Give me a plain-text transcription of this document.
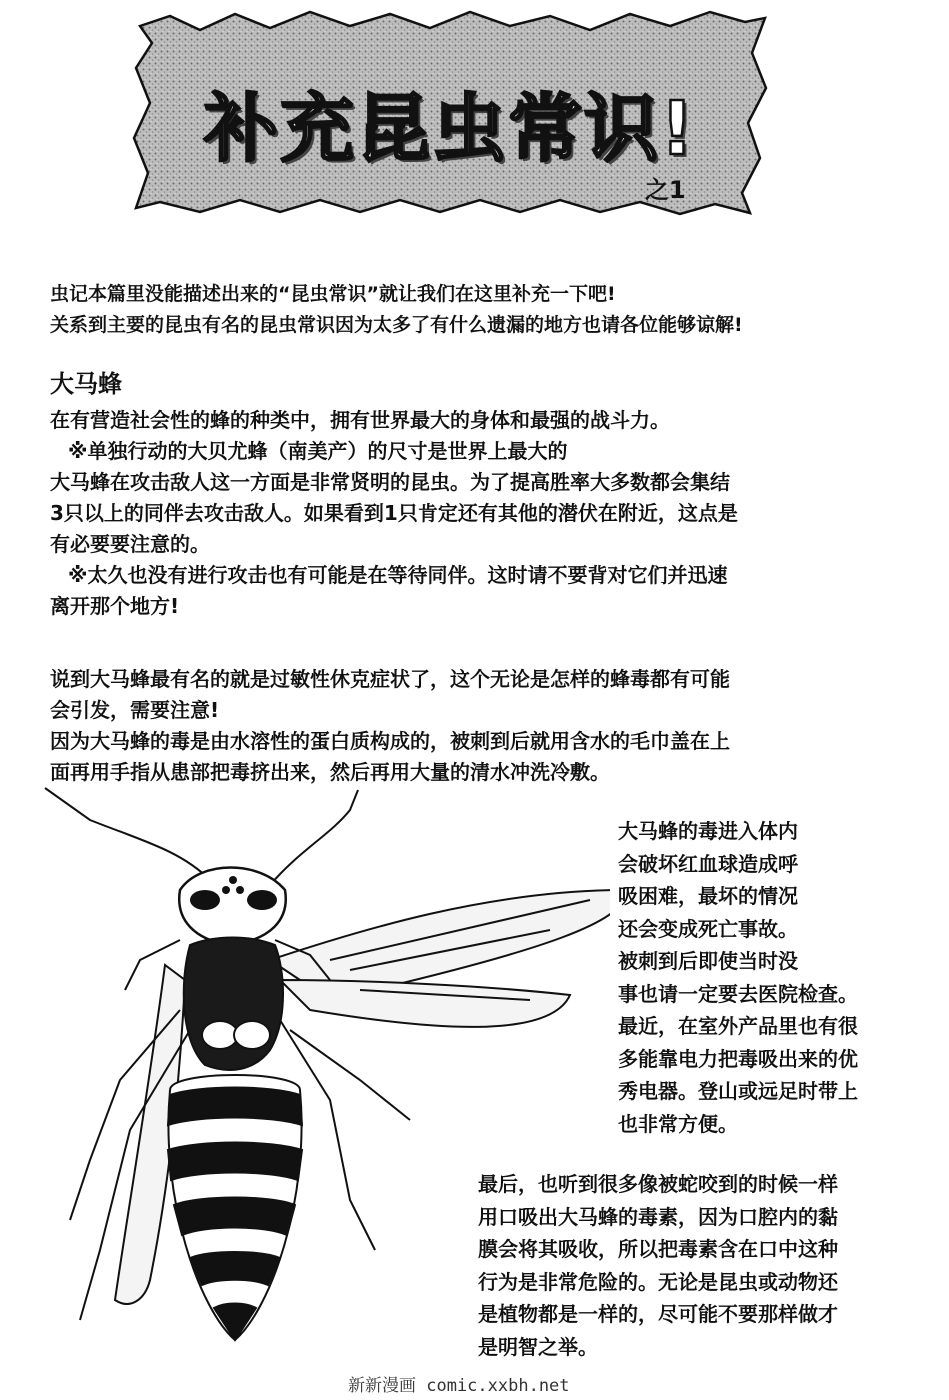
补充昆虫常识!
之1
虫记本篇里没能描述出来的“昆虫常识”就让我们在这里补充一下吧!
关系到主要的昆虫有名的昆虫常识因为太多了有什么遗漏的地方也请各位能够谅解!
大马蜂
在有营造社会性的蜂的种类中，拥有世界最大的身体和最强的战斗力。
※单独行动的大贝尤蜂（南美产）的尺寸是世界上最大的
大马蜂在攻击敌人这一方面是非常贤明的昆虫。为了提高胜率大多数都会集结
3只以上的同伴去攻击敌人。如果看到1只肯定还有其他的潜伏在附近，这点是
有必要要注意的。
※太久也没有进行攻击也有可能是在等待同伴。这时请不要背对它们并迅速
离开那个地方!
说到大马蜂最有名的就是过敏性休克症状了，这个无论是怎样的蜂毒都有可能
会引发，需要注意!
因为大马蜂的毒是由水溶性的蛋白质构成的，被刺到后就用含水的毛巾盖在上
面再用手指从患部把毒挤出来，然后再用大量的清水冲洗冷敷。
大马蜂的毒进入体内
会破坏红血球造成呼
吸困难，最坏的情况
还会变成死亡事故。
被刺到后即使当时没
事也请一定要去医院检查。
最近，在室外产品里也有很
多能靠电力把毒吸出来的优
秀电器。登山或远足时带上
也非常方便。
最后，也听到很多像被蛇咬到的时候一样
用口吸出大马蜂的毒素，因为口腔内的黏
膜会将其吸收，所以把毒素含在口中这种
行为是非常危险的。无论是昆虫或动物还
是植物都是一样的，尽可能不要那样做才
是明智之举。
新新漫画 comic.xxbh.net
